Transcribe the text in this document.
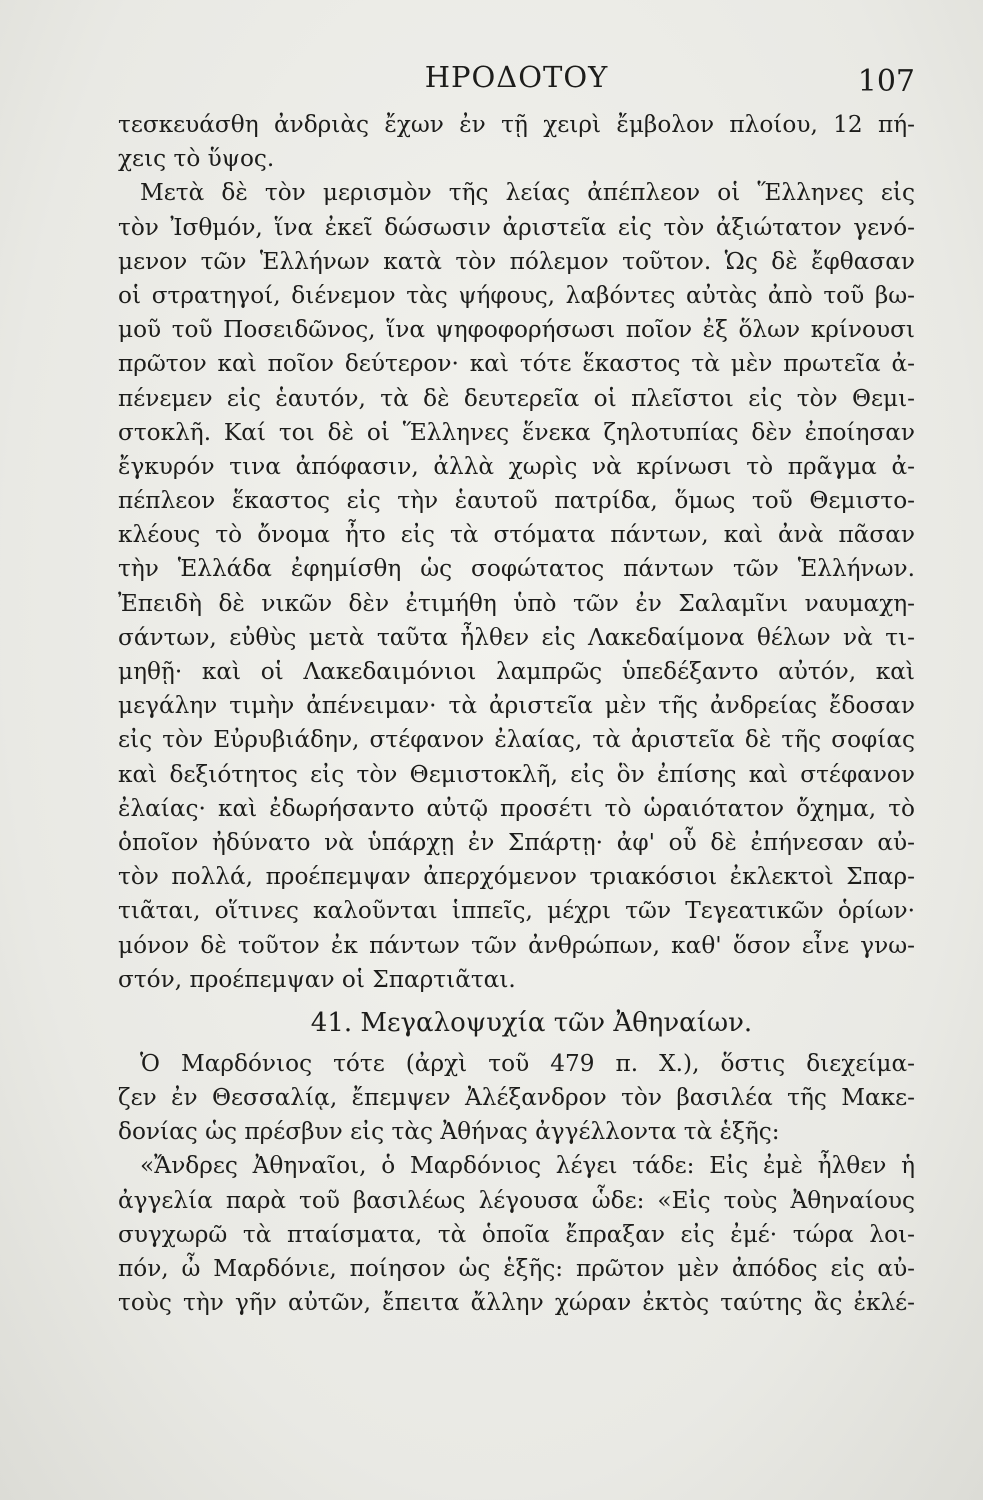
ΗΡΟΔΟΤΟΥ	107
τεσκευάσθη ἀνδριὰς ἔχων ἐν τῇ χειρὶ ἔμβολον πλοίου, 12 πή-
χεις τὸ ὕψος.
Μετὰ δὲ τὸν μερισμὸν τῆς λείας ἀπέπλεον οἱ Ἕλληνες εἰς
τὸν Ἰσθμόν, ἵνα ἐκεῖ δώσωσιν ἀριστεῖα εἰς τὸν ἀξιώτατον γενό-
μενον τῶν Ἑλλήνων κατὰ τὸν πόλεμον τοῦτον. Ὡς δὲ ἔφθασαν
οἱ στρατηγοί, διένεμον τὰς ψήφους, λαβόντες αὐτὰς ἀπὸ τοῦ βω-
μοῦ τοῦ Ποσειδῶνος, ἵνα ψηφοφορήσωσι ποῖον ἐξ ὅλων κρίνουσι
πρῶτον καὶ ποῖον δεύτερον· καὶ τότε ἕκαστος τὰ μὲν πρωτεῖα ἀ-
πένεμεν εἰς ἑαυτόν, τὰ δὲ δευτερεῖα οἱ πλεῖστοι εἰς τὸν Θεμι-
στοκλῆ. Καί τοι δὲ οἱ Ἕλληνες ἕνεκα ζηλοτυπίας δὲν ἐποίησαν
ἔγκυρόν τινα ἀπόφασιν, ἀλλὰ χωρὶς νὰ κρίνωσι τὸ πρᾶγμα ἀ-
πέπλεον ἕκαστος εἰς τὴν ἑαυτοῦ πατρίδα, ὅμως τοῦ Θεμιστο-
κλέους τὸ ὄνομα ἦτο εἰς τὰ στόματα πάντων, καὶ ἀνὰ πᾶσαν
τὴν Ἑλλάδα ἐφημίσθη ὡς σοφώτατος πάντων τῶν Ἑλλήνων.
Ἐπειδὴ δὲ νικῶν δὲν ἐτιμήθη ὑπὸ τῶν ἐν Σαλαμῖνι ναυμαχη-
σάντων, εὐθὺς μετὰ ταῦτα ἦλθεν εἰς Λακεδαίμονα θέλων νὰ τι-
μηθῇ· καὶ οἱ Λακεδαιμόνιοι λαμπρῶς ὑπεδέξαντο αὐτόν, καὶ
μεγάλην τιμὴν ἀπένειμαν· τὰ ἀριστεῖα μὲν τῆς ἀνδρείας ἔδοσαν
εἰς τὸν Εὐρυβιάδην, στέφανον ἐλαίας, τὰ ἀριστεῖα δὲ τῆς σοφίας
καὶ δεξιότητος εἰς τὸν Θεμιστοκλῆ, εἰς ὃν ἐπίσης καὶ στέφανον
ἐλαίας· καὶ ἐδωρήσαντο αὐτῷ προσέτι τὸ ὡραιότατον ὄχημα, τὸ
ὁποῖον ἠδύνατο νὰ ὑπάρχῃ ἐν Σπάρτῃ· ἀφ' οὗ δὲ ἐπήνεσαν αὐ-
τὸν πολλά, προέπεμψαν ἀπερχόμενον τριακόσιοι ἐκλεκτοὶ Σπαρ-
τιᾶται, οἵτινες καλοῦνται ἱππεῖς, μέχρι τῶν Τεγεατικῶν ὁρίων·
μόνον δὲ τοῦτον ἐκ πάντων τῶν ἀνθρώπων, καθ' ὅσον εἶνε γνω-
στόν, προέπεμψαν οἱ Σπαρτιᾶται.
41. Μεγαλοψυχία τῶν Ἀθηναίων.
Ὁ Μαρδόνιος τότε (ἀρχὶ τοῦ 479 π. Χ.), ὅστις διεχείμα-
ζεν ἐν Θεσσαλίᾳ, ἔπεμψεν Ἀλέξανδρον τὸν βασιλέα τῆς Μακε-
δονίας ὡς πρέσβυν εἰς τὰς Ἀθήνας ἀγγέλλοντα τὰ ἑξῆς:
«Ἄνδρες Ἀθηναῖοι, ὁ Μαρδόνιος λέγει τάδε: Εἰς ἐμὲ ἦλθεν ἡ
ἀγγελία παρὰ τοῦ βασιλέως λέγουσα ὧδε: «Εἰς τοὺς Ἀθηναίους
συγχωρῶ τὰ πταίσματα, τὰ ὁποῖα ἔπραξαν εἰς ἐμέ· τώρα λοι-
πόν, ὦ Μαρδόνιε, ποίησον ὡς ἑξῆς: πρῶτον μὲν ἀπόδος εἰς αὐ-
τοὺς τὴν γῆν αὐτῶν, ἔπειτα ἄλλην χώραν ἐκτὸς ταύτης ἂς ἐκλέ-
